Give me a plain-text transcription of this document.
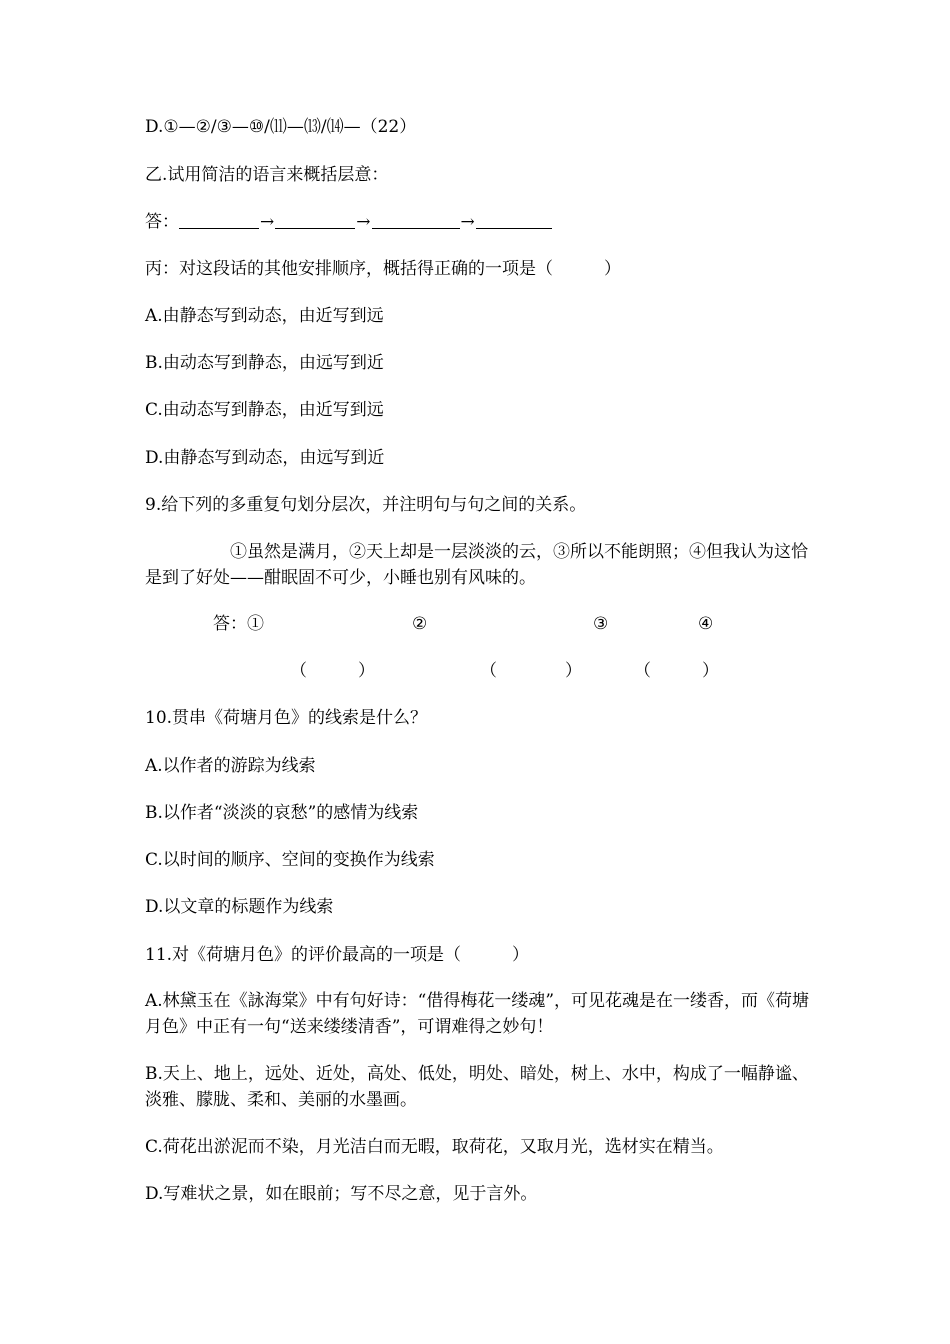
D.①—②/③—⑩/⑾—⒀/⒁—（22）
乙.试用简洁的语言来概括层意：
答：	→	→	→
丙：对这段话的其他安排顺序，概括得正确的一项是（　　　）
A.由静态写到动态，由近写到远
B.由动态写到静态，由远写到近
C.由动态写到静态，由近写到远
D.由静态写到动态，由远写到近
9.给下列的多重复句划分层次，并注明句与句之间的关系。
①虽然是满月，②天上却是一层淡淡的云，③所以不能朗照；④但我认为这恰是到了好处——酣眠固不可少，小睡也别有风味的。
答：①	②	③	④
（　　　）	（　　　　）	（　　　）
10.贯串《荷塘月色》的线索是什么？
A.以作者的游踪为线索
B.以作者“淡淡的哀愁”的感情为线索
C.以时间的顺序、空间的变换作为线索
D.以文章的标题作为线索
11.对《荷塘月色》的评价最高的一项是（　　　）
A.林黛玉在《詠海棠》中有句好诗：“借得梅花一缕魂”，可见花魂是在一缕香，而《荷塘月色》中正有一句“送来缕缕清香”，可谓难得之妙句！
B.天上、地上，远处、近处，高处、低处，明处、暗处，树上、水中，构成了一幅静谧、淡雅、朦胧、柔和、美丽的水墨画。
C.荷花出淤泥而不染，月光洁白而无暇，取荷花，又取月光，选材实在精当。
D.写难状之景，如在眼前；写不尽之意，见于言外。
